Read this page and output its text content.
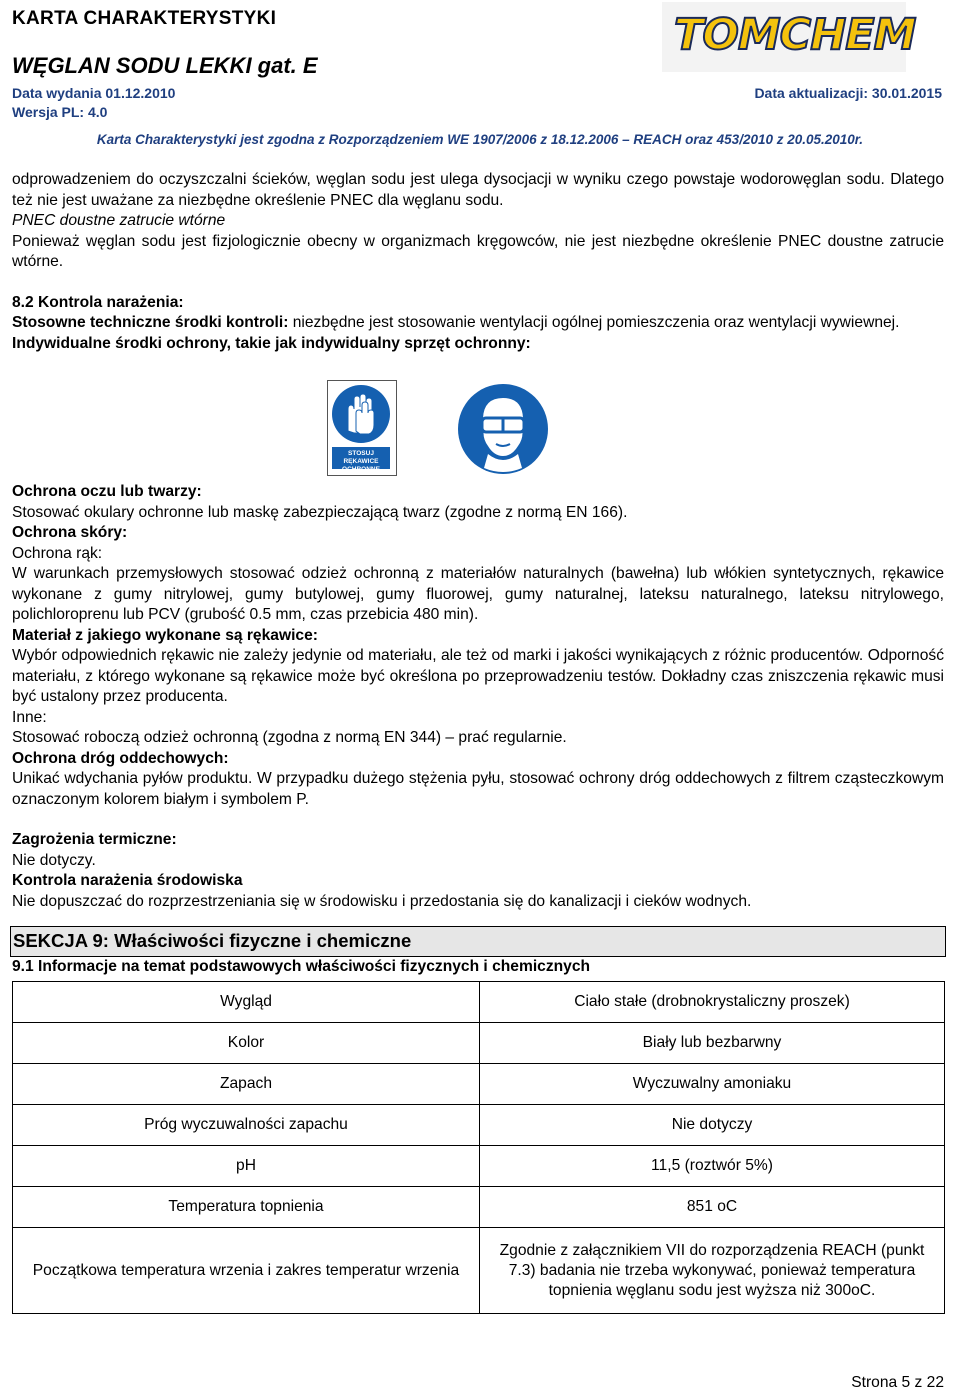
KARTA CHARAKTERYSTYKI
WĘGLAN SODU LEKKI gat. E
Data wydania 01.12.2010
Wersja PL: 4.0
Data aktualizacji: 30.01.2015
Karta Charakterystyki jest zgodna z Rozporządzeniem WE 1907/2006 z 18.12.2006 – REACH oraz 453/2010 z 20.05.2010r.
TOMCHEM

odprowadzeniem do oczyszczalni ścieków, węglan sodu jest ulega dysocjacji w wyniku czego powstaje wodorowęglan sodu. Dlatego też nie jest uważane za niezbędne określenie PNEC dla węglanu sodu.

PNEC doustne zatrucie wtórne

Ponieważ węglan sodu jest fizjologicznie obecny w organizmach kręgowców, nie jest niezbędne określenie PNEC doustne zatrucie wtórne.

8.2 Kontrola narażenia:

Stosowne techniczne środki kontroli: niezbędne jest stosowanie wentylacji ogólnej pomieszczenia oraz wentylacji wywiewnej.

Indywidualne środki ochrony, takie jak indywidualny sprzęt ochronny:

STOSUJ RĘKAWICE OCHRONNE

Ochrona oczu lub twarzy:

Stosować okulary ochronne lub maskę zabezpieczającą twarz (zgodne z normą EN 166).

Ochrona skóry:

Ochrona rąk:

W warunkach przemysłowych stosować odzież ochronną z materiałów naturalnych (bawełna) lub włókien syntetycznych, rękawice wykonane z gumy nitrylowej, gumy butylowej, gumy fluorowej, gumy naturalnej, lateksu naturalnego, lateksu nitrylowego, polichloroprenu lub PCV (grubość 0.5 mm, czas przebicia 480 min).

Materiał z jakiego wykonane są rękawice:

Wybór odpowiednich rękawic nie zależy jedynie od materiału, ale też od marki i jakości wynikających z różnic producentów. Odporność materiału, z którego wykonane są rękawice może być określona po przeprowadzeniu testów. Dokładny czas zniszczenia rękawic musi być ustalony przez producenta.

Inne:

Stosować roboczą odzież ochronną (zgodna z normą EN 344) – prać regularnie.

Ochrona dróg oddechowych:

Unikać wdychania pyłów produktu. W przypadku dużego stężenia pyłu, stosować ochrony dróg oddechowych z filtrem cząsteczkowym oznaczonym kolorem białym i symbolem P.

Zagrożenia termiczne:

Nie dotyczy.

Kontrola narażenia środowiska

Nie dopuszczać do rozprzestrzeniania się w środowisku i przedostania się do kanalizacji i cieków wodnych.

SEKCJA 9: Właściwości fizyczne i chemiczne

9.1 Informacje na temat podstawowych właściwości fizycznych i chemicznych

Wygląd	Ciało stałe (drobnokrystaliczny proszek)
Kolor	Biały lub bezbarwny
Zapach	Wyczuwalny amoniaku
Próg wyczuwalności zapachu	Nie dotyczy
pH	11,5 (roztwór 5%)
Temperatura topnienia	851 oC
Początkowa temperatura wrzenia i zakres temperatur wrzenia	Zgodnie z załącznikiem VII do rozporządzenia REACH (punkt 7.3) badania nie trzeba wykonywać, ponieważ temperatura topnienia węglanu sodu jest wyższa niż 300oC.
Strona 5 z 22
